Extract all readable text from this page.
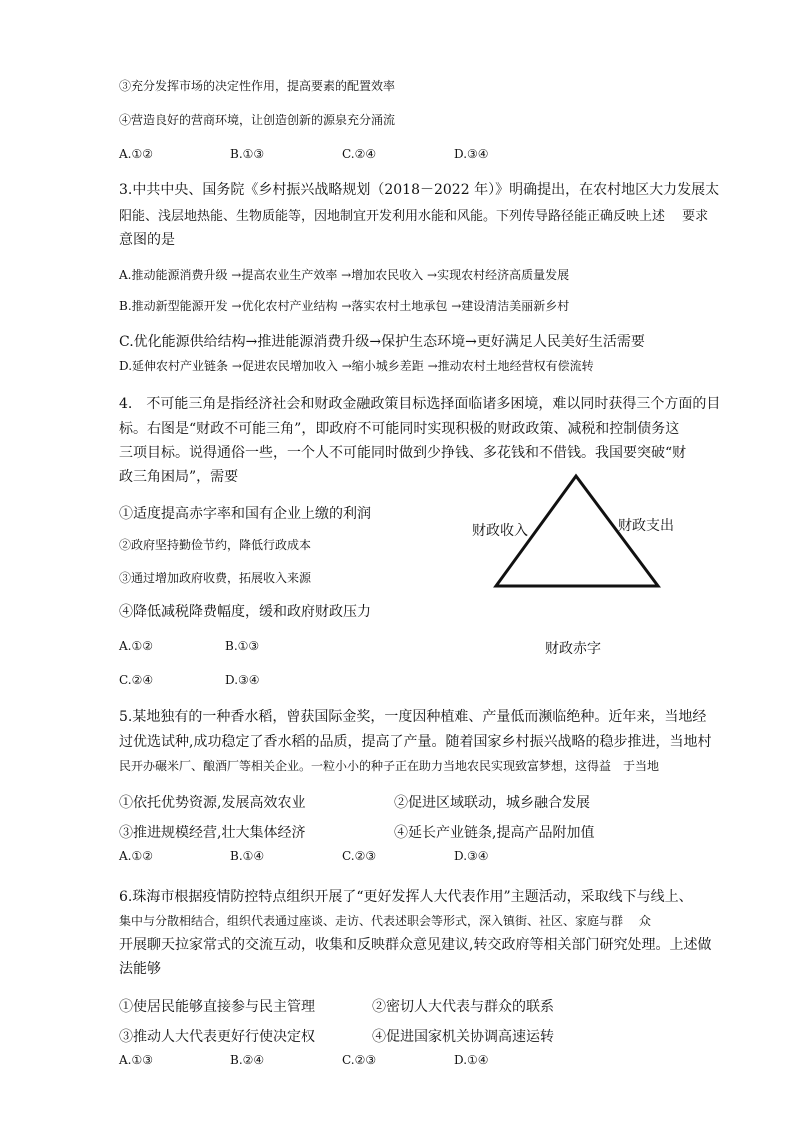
③充分发挥市场的决定性作用，提高要素的配置效率
④营造良好的营商环境，让创造创新的源泉充分涌流
A.①②	B.①③	C.②④	D.③④
3.中共中央、国务院《乡村振兴战略规划（2018－2022 年）》明确提出，在农村地区大力发展太
阳能、浅层地热能、生物质能等，因地制宜开发利用水能和风能。下列传导路径能正确反映上述　 要求
意图的是
A.推动能源消费升级 →提高农业生产效率 →增加农民收入 →实现农村经济高质量发展
B.推动新型能源开发 →优化农村产业结构 →落实农村土地承包 →建设清洁美丽新乡村
C.优化能源供给结构→推进能源消费升级→保护生态环境→更好满足人民美好生活需要
D.延伸农村产业链条 →促进农民增加收入 →缩小城乡差距 →推动农村土地经营权有偿流转
4.　不可能三角是指经济社会和财政金融政策目标选择面临诸多困境，难以同时获得三个方面的目
标。右图是“财政不可能三角”，即政府不可能同时实现积极的财政政策、减税和控制债务这
三项目标。说得通俗一些，一个人不可能同时做到少挣钱、多花钱和不借钱。我国要突破“财
政三角困局”，需要
①适度提高赤字率和国有企业上缴的利润
②政府坚持勤俭节约，降低行政成本
③通过增加政府收费，拓展收入来源
④降低减税降费幅度，缓和政府财政压力
A.①②	B.①③
C.②④	D.③④
财政收入	财政支出
财政赤字
5.某地独有的一种香水稻，曾获国际金奖，一度因种植难、产量低而濒临绝种。近年来，当地经
过优选试种,成功稳定了香水稻的品质，提高了产量。随着国家乡村振兴战略的稳步推进，当地村
民开办碾米厂、酿酒厂等相关企业。一粒小小的种子正在助力当地农民实现致富梦想，这得益　于当地
①依托优势资源,发展高效农业	②促进区域联动，城乡融合发展
③推进规模经营,壮大集体经济	④延长产业链条,提高产品附加值
A.①②	B.①④	C.②③	D.③④
6.珠海市根据疫情防控特点组织开展了“更好发挥人大代表作用”主题活动，采取线下与线上、
集中与分散相结合，组织代表通过座谈、走访、代表述职会等形式，深入镇街、社区、家庭与群　 众
开展聊天拉家常式的交流互动，收集和反映群众意见建议,转交政府等相关部门研究处理。上述做
法能够
①使居民能够直接参与民主管理	②密切人大代表与群众的联系
③推动人大代表更好行使决定权	④促进国家机关协调高速运转
A.①③	B.②④	C.②③	D.①④
